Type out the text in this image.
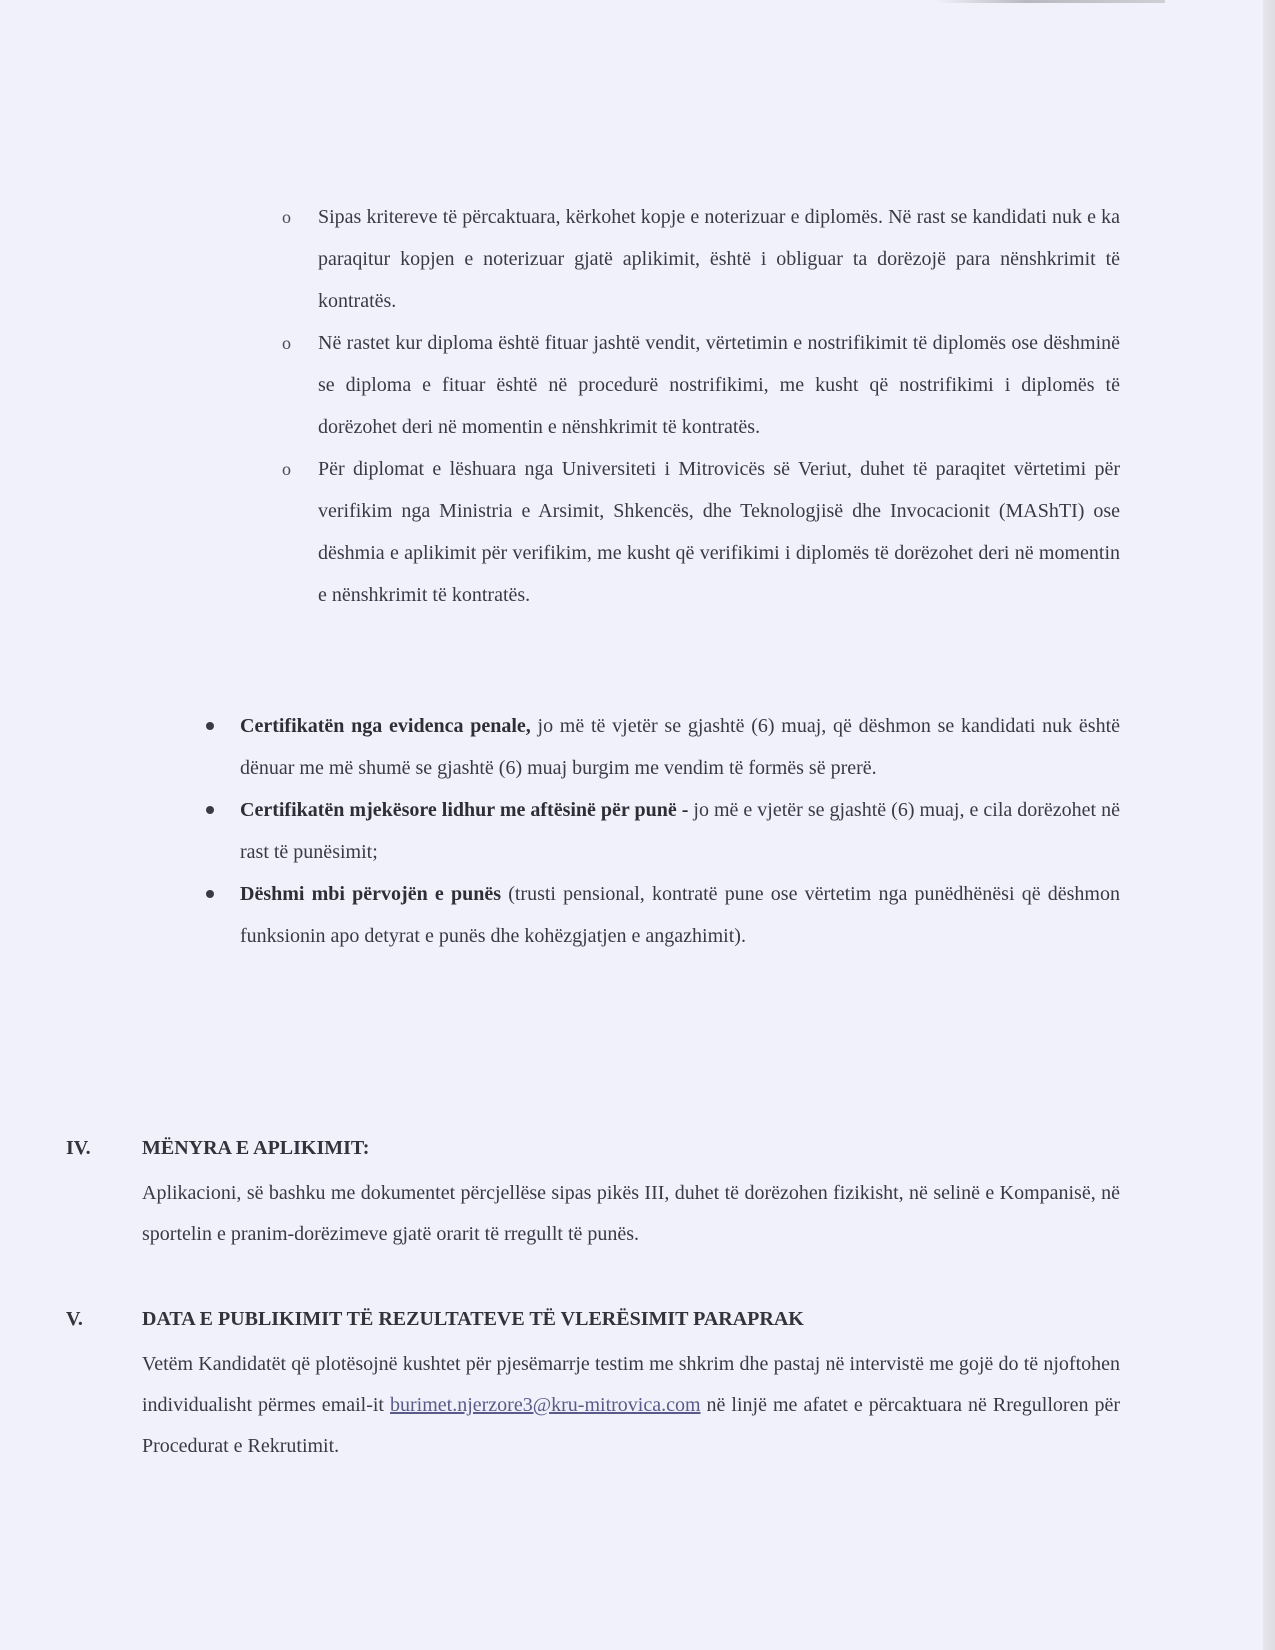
o Sipas kritereve të përcaktuara, kërkohet kopje e noterizuar e diplomës. Në rast se kandidati nuk e ka paraqitur kopjen e noterizuar gjatë aplikimit, është i obliguar ta dorëzojë para nënshkrimit të kontratës.
o Në rastet kur diploma është fituar jashtë vendit, vërtetimin e nostrifikimit të diplomës ose dëshminë se diploma e fituar është në procedurë nostrifikimi, me kusht që nostrifikimi i diplomës të dorëzohet deri në momentin e nënshkrimit të kontratës.
o Për diplomat e lëshuara nga Universiteti i Mitrovicës së Veriut, duhet të paraqitet vërtetimi për verifikim nga Ministria e Arsimit, Shkencës, dhe Teknologjisë dhe Invocacionit (MAShTI) ose dëshmia e aplikimit për verifikim, me kusht që verifikimi i diplomës të dorëzohet deri në momentin e nënshkrimit të kontratës.
Certifikatën nga evidenca penale, jo më të vjetër se gjashtë (6) muaj, që dëshmon se kandidati nuk është dënuar me më shumë se gjashtë (6) muaj burgim me vendim të formës së prerë.
Certifikatën mjekësore lidhur me aftësinë për punë - jo më e vjetër se gjashtë (6) muaj, e cila dorëzohet në rast të punësimit;
Dëshmi mbi përvojën e punës (trusti pensional, kontratë pune ose vërtetim nga punëdhënësi që dëshmon funksionin apo detyrat e punës dhe kohëzgjatjen e angazhimit).
IV.	MËNYRA E APLIKIMIT:
Aplikacioni, së bashku me dokumentet përcjellëse sipas pikës III, duhet të dorëzohen fizikisht, në selinë e Kompanisë, në sportelin e pranim-dorëzimeve gjatë orarit të rregullt të punës.
V.	DATA E PUBLIKIMIT TË REZULTATEVE TË VLERËSIMIT PARAPRAK
Vetëm Kandidatët që plotësojnë kushtet për pjesëmarrje testim me shkrim dhe pastaj në intervistë me gojë do të njoftohen individualisht përmes email-it burimet.njerzore3@kru-mitrovica.com në linjë me afatet e përcaktuara në Rregulloren për Procedurat e Rekrutimit.
